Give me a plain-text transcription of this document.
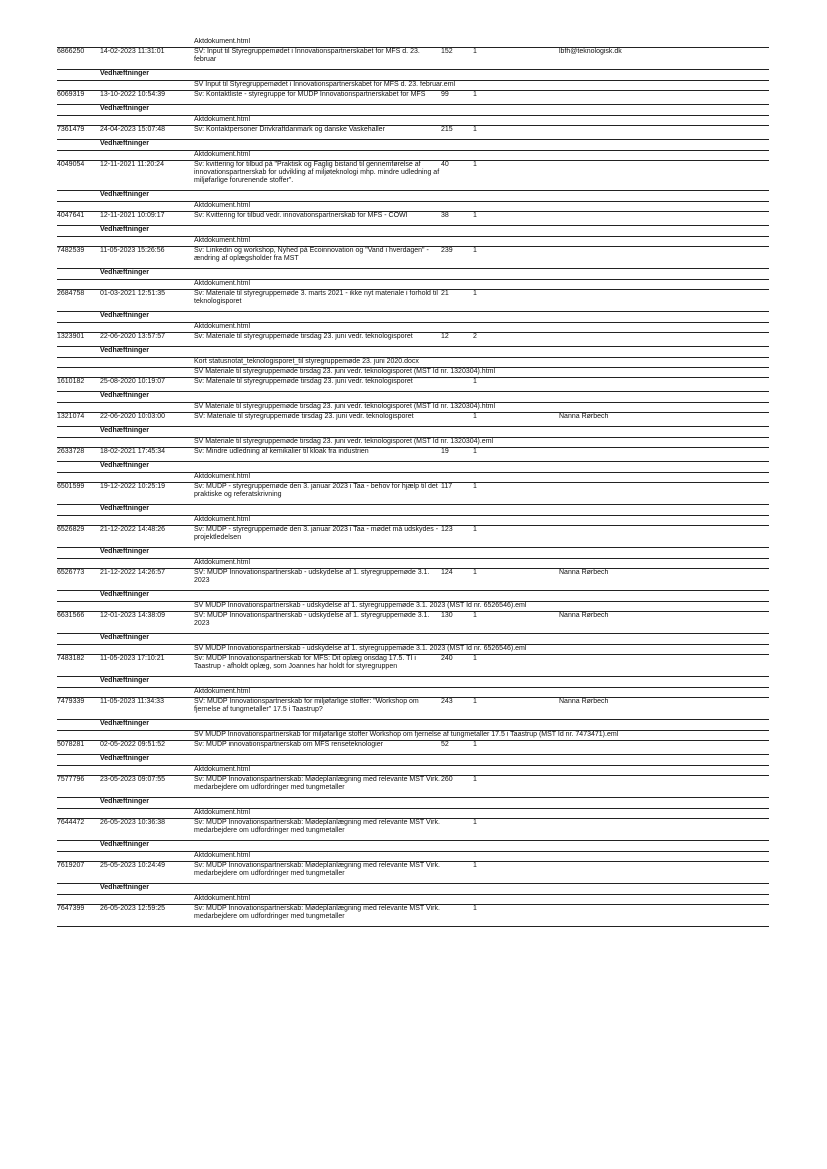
		Aktdokument.html			
6866250	14-02-2023 11:31:01	SV: Input til Styregruppemødet i Innovationspartnerskabet for MFS d. 23. februar	152	1	lbfh@teknologisk.dk
	Vedhæftninger				
		SV Input til Styregruppemødet i Innovationspartnerskabet for MFS d. 23. februar.eml			
6069319	13-10-2022 10:54:39	Sv: Kontaktliste - styregruppe for MUDP Innovationspartnerskabet for MFS	99	1	
	Vedhæftninger				
		Aktdokument.html			
7361479	24-04-2023 15:07:48	Sv: Kontaktpersoner Drivkraftdanmark og danske Vaskehaller	215	1	
	Vedhæftninger				
		Aktdokument.html			
4049054	12-11-2021 11:20:24	Sv: kvittering for tilbud på "Praktisk og Faglig bistand til gennemførelse af innovationspartnerskab for udvikling af miljøteknologi mhp. mindre udledning af miljøfarlige forurenende stoffer".	40	1	
	Vedhæftninger				
		Aktdokument.html			
4047641	12-11-2021 10:09:17	Sv: Kvittering for tilbud vedr. innovationspartnerskab for MFS - COWI	38	1	
	Vedhæftninger				
		Aktdokument.html			
7482539	11-05-2023 15:26:56	Sv: Linkedin og workshop, Nyhed på Ecoinnovation og "Vand i hverdagen" - ændring af oplægsholder fra MST	239	1	
	Vedhæftninger				
		Aktdokument.html			
2684758	01-03-2021 12:51:35	Sv: Materiale til styregruppemøde 3. marts 2021 - ikke nyt materiale i forhold til teknologisporet	21	1	
	Vedhæftninger				
		Aktdokument.html			
1323901	22-06-2020 13:57:57	Sv: Materiale til styregruppemøde tirsdag 23. juni vedr. teknologisporet	12	2	
	Vedhæftninger				
		Kort statusnotat_teknologisporet_til styregruppemøde 23. juni 2020.docx			
		SV Materiale til styregruppemøde tirsdag 23. juni vedr. teknologisporet (MST Id nr. 1320304).html			
1610182	25-08-2020 10:19:07	Sv: Materiale til styregruppemøde tirsdag 23. juni vedr. teknologisporet		1	
	Vedhæftninger				
		SV Materiale til styregruppemøde tirsdag 23. juni vedr. teknologisporet (MST Id nr. 1320304).html			
1321074	22-06-2020 10:03:00	SV: Materiale til styregruppemøde tirsdag 23. juni vedr. teknologisporet		1	Nanna Rørbech
	Vedhæftninger				
		SV Materiale til styregruppemøde tirsdag 23. juni vedr. teknologisporet (MST Id nr. 1320304).eml			
2633728	18-02-2021 17:45:34	Sv: Mindre udledning af kemikalier til kloak fra industrien	19	1	
	Vedhæftninger				
		Aktdokument.html			
6501599	19-12-2022 10:25:19	Sv: MUDP - styregruppemøde den 3. januar 2023 i Taa - behov for hjælp til det praktiske og referatskrivning	117	1	
	Vedhæftninger				
		Aktdokument.html			
6526829	21-12-2022 14:48:26	Sv: MUDP - styregruppemøde den 3. januar 2023 i Taa - mødet må udskydes - projektledelsen	123	1	
	Vedhæftninger				
		Aktdokument.html			
6526773	21-12-2022 14:26:57	SV: MUDP Innovationspartnerskab - udskydelse af 1. styregruppemøde 3.1. 2023	124	1	Nanna Rørbech
	Vedhæftninger				
		SV MUDP Innovationspartnerskab - udskydelse af 1. styregruppemøde 3.1. 2023 (MST Id nr. 6526546).eml			
6631566	12-01-2023 14:38:09	SV: MUDP Innovationspartnerskab - udskydelse af 1. styregruppemøde 3.1. 2023	130	1	Nanna Rørbech
	Vedhæftninger				
		SV MUDP Innovationspartnerskab - udskydelse af 1. styregruppemøde 3.1. 2023 (MST Id nr. 6526546).eml			
7483182	11-05-2023 17:10:21	Sv: MUDP Innovationspartnerskab for MFS: Dit oplæg onsdag 17.5. TI i Taastrup - afholdt oplæg, som Joannes har holdt for styregruppen	240	1	
	Vedhæftninger				
		Aktdokument.html			
7479339	11-05-2023 11:34:33	SV: MUDP Innovationspartnerskab for miljøfarlige stoffer: "Workshop om fjernelse af tungmetaller" 17.5 i Taastrup?	243	1	Nanna Rørbech
	Vedhæftninger				
		SV MUDP Innovationspartnerskab for miljøfarlige stoffer Workshop om fjernelse af tungmetaller 17.5 i Taastrup (MST Id nr. 7473471).eml			
5078281	02-05-2022 09:51:52	Sv: MUDP innovationspartnerskab om MFS renseteknologier	52	1	
	Vedhæftninger				
		Aktdokument.html			
7577796	23-05-2023 09:07:55	Sv: MUDP Innovationspartnerskab: Mødeplanlægning med relevante MST Virk. medarbejdere om udfordringer med tungmetaller	260	1	
	Vedhæftninger				
		Aktdokument.html			
7644472	26-05-2023 10:36:38	Sv: MUDP Innovationspartnerskab: Mødeplanlægning med relevante MST Virk. medarbejdere om udfordringer med tungmetaller		1	
	Vedhæftninger				
		Aktdokument.html			
7619207	25-05-2023 10:24:49	Sv: MUDP Innovationspartnerskab: Mødeplanlægning med relevante MST Virk. medarbejdere om udfordringer med tungmetaller		1	
	Vedhæftninger				
		Aktdokument.html			
7647399	26-05-2023 12:59:25	Sv: MUDP Innovationspartnerskab: Mødeplanlægning med relevante MST Virk. medarbejdere om udfordringer med tungmetaller		1	
